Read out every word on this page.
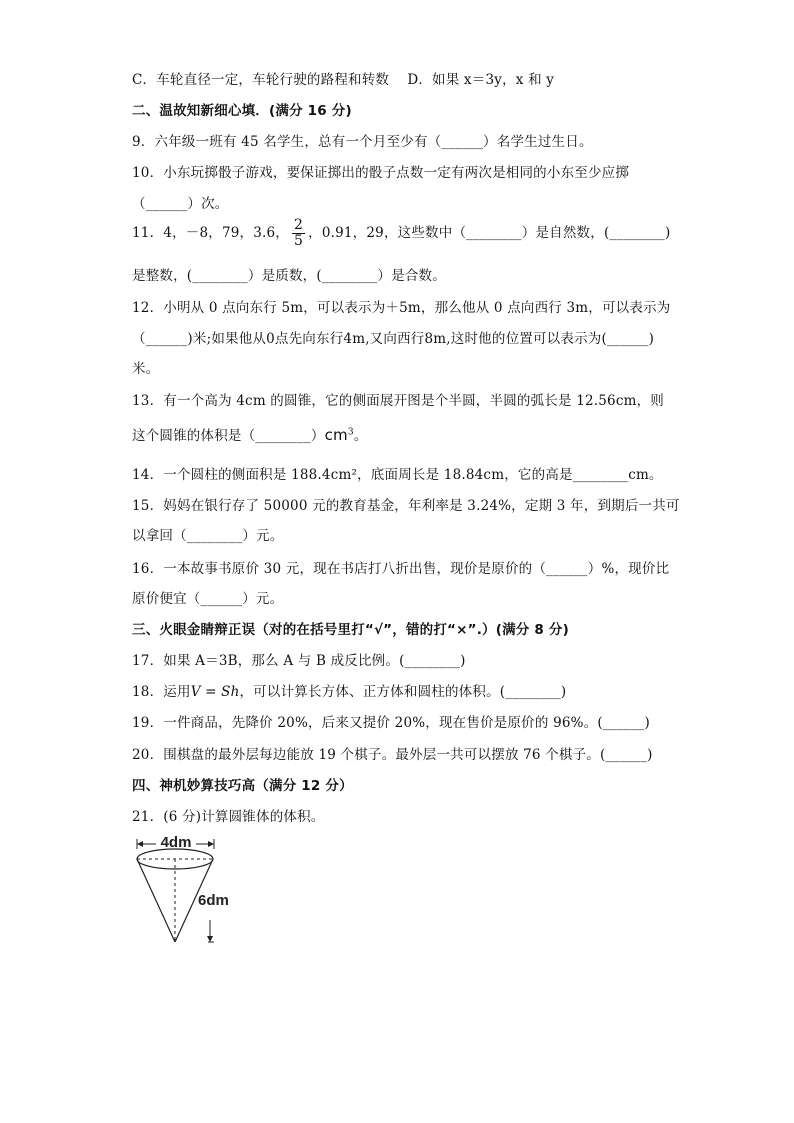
C．车轮直径一定，车轮行驶的路程和转数　 D．如果 x＝3y，x 和 y
二、温故知新细心填．(满分 16 分)
9．六年级一班有 45 名学生，总有一个月至少有（______）名学生过生日。
10．小东玩掷骰子游戏，要保证掷出的骰子点数一定有两次是相同的小东至少应掷
（______）次。
11．4，－8，79，3.6， $\frac{2}{5}$ ，0.91，29，这些数中（________）是自然数，(________)
是整数，(________）是质数，(________）是合数。
12．小明从 0 点向东行 5m，可以表示为＋5m，那么他从 0 点向西行 3m，可以表示为
（______)米;如果他从0点先向东行4m,又向西行8m,这时他的位置可以表示为(______)
米。
13．有一个高为 4cm 的圆锥，它的侧面展开图是个半圆，半圆的弧长是 12.56cm，则
这个圆锥的体积是$(\_\_\_\_\_\_\_\_)cm^3$。
14．一个圆柱的侧面积是 188.4cm²，底面周长是 18.84cm，它的高是________cm。
15．妈妈在银行存了 50000 元的教育基金，年利率是 3.24%，定期 3 年，到期后一共可
以拿回（________）元。
16．一本故事书原价 30 元，现在书店打八折出售，现价是原价的（______）%，现价比
原价便宜（______）元。
三、火眼金睛辩正误（对的在括号里打“√”，错的打“×”.）(满分 8 分)
17．如果 A＝3B，那么 A 与 B 成反比例。(________)
18．运用V = Sh，可以计算长方体、正方体和圆柱的体积。(________)
19．一件商品，先降价 20%，后来又提价 20%，现在售价是原价的 96%。(______)
20．围棋盘的最外层每边能放 19 个棋子。最外层一共可以摆放 76 个棋子。(______)
四、神机妙算技巧高（满分 12 分）
21．(6 分)计算圆锥体的体积。
4dm
6dm
